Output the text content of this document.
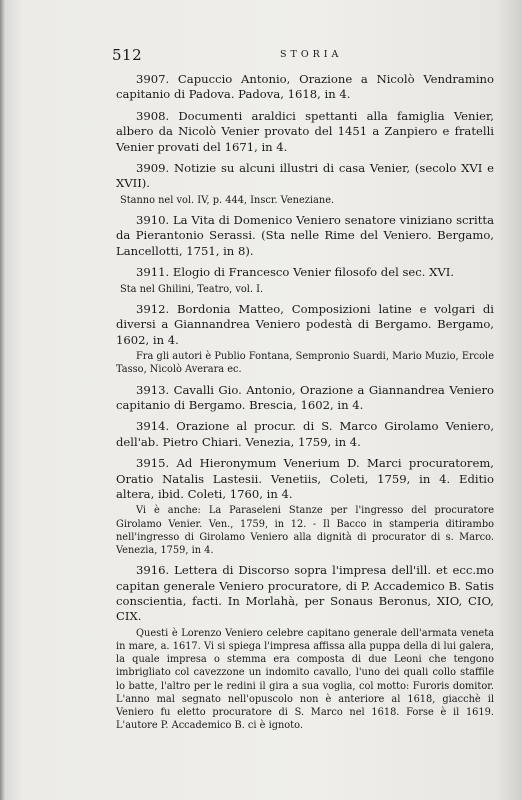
512	STORIA

3907. Capuccio Antonio, Orazione a Nicolò Vendramino capitanio di Padova. Padova, 1618, in 4.

3908. Documenti araldici spettanti alla famiglia Venier, albero da Nicolò Venier provato del 1451 a Zanpiero e fratelli Venier provati del 1671, in 4.

3909. Notizie su alcuni illustri di casa Venier, (secolo XVI e XVII).

Stanno nel vol. IV, p. 444, Inscr. Veneziane.

3910. La Vita di Domenico Veniero senatore viniziano scritta da Pierantonio Serassi. (Sta nelle Rime del Veniero. Bergamo, Lancellotti, 1751, in 8).

3911. Elogio di Francesco Venier filosofo del sec. XVI.

Sta nel Ghilini, Teatro, vol. I.

3912. Bordonia Matteo, Composizioni latine e volgari di diversi a Giannandrea Veniero podestà di Bergamo. Bergamo, 1602, in 4.

Fra gli autori è Publio Fontana, Sempronio Suardi, Mario Muzio, Ercole Tasso, Nicolò Averara ec.

3913. Cavalli Gio. Antonio, Orazione a Giannandrea Veniero capitanio di Bergamo. Brescia, 1602, in 4.

3914. Orazione al procur. di S. Marco Girolamo Veniero, dell'ab. Pietro Chiari. Venezia, 1759, in 4.

3915. Ad Hieronymum Venerium D. Marci procuratorem, Oratio Natalis Lastesii. Venetiis, Coleti, 1759, in 4. Editio altera, ibid. Coleti, 1760, in 4.

Vi è anche: La Paraseleni Stanze per l'ingresso del procuratore Girolamo Venier. Ven., 1759, in 12. - Il Bacco in stamperia ditirambo nell'ingresso di Girolamo Veniero alla dignità di procurator di s. Marco. Venezia, 1759, in 4.

3916. Lettera di Discorso sopra l'impresa dell'ill. et ecc.mo capitan generale Veniero procuratore, di P. Accademico B. Satis conscientia, facti. In Morlahà, per Sonaus Beronus, XIO, CIO, CIX.

Questi è Lorenzo Veniero celebre capitano generale dell'armata veneta in mare, a. 1617. Vi si spiega l'impresa affissa alla puppa della di lui galera, la quale impresa o stemma era composta di due Leoni che tengono imbrigliato col cavezzone un indomito cavallo, l'uno dei quali collo staffile lo batte, l'altro per le redini il gira a sua voglia, col motto: Furoris domitor. L'anno mal segnato nell'opuscolo non è anteriore al 1618, giacchè il Veniero fu eletto procuratore di S. Marco nel 1618. Forse è il 1619. L'autore P. Accademico B. ci è ignoto.
